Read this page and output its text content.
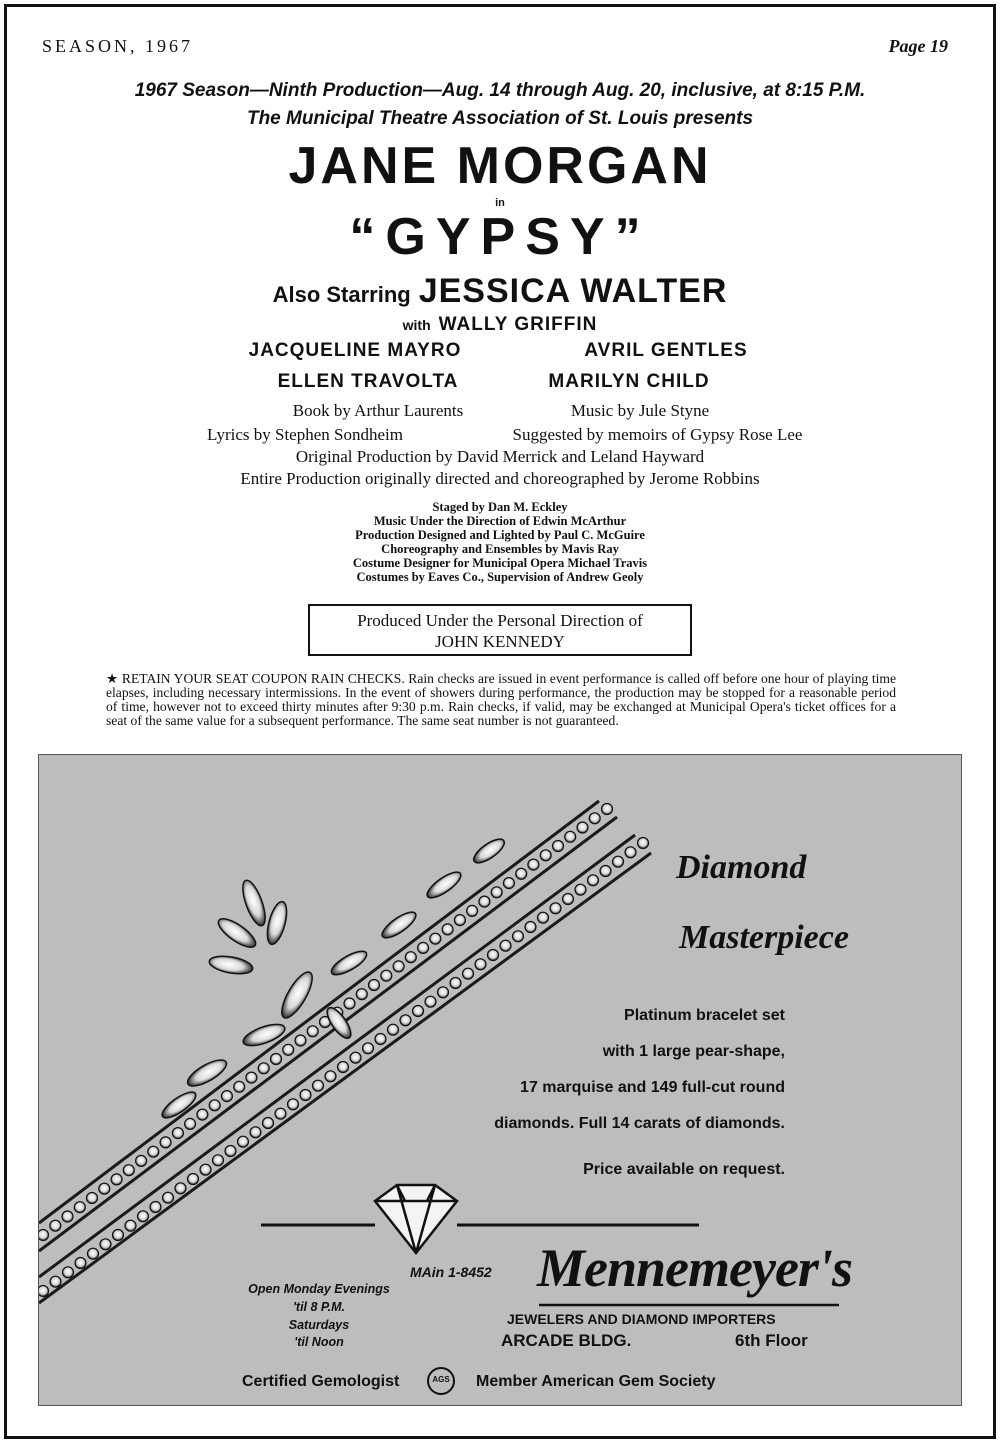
SEASON, 1967	Page 19
1967 Season—Ninth Production—Aug. 14 through Aug. 20, inclusive, at 8:15 P.M.
The Municipal Theatre Association of St. Louis presents
JANE MORGAN
in
“GYPSY”
Also Starring JESSICA WALTER
with WALLY GRIFFIN
JACQUELINE MAYRO	AVRIL GENTLES
ELLEN TRAVOLTA	MARILYN CHILD
Book by Arthur Laurents	Music by Jule Styne
Lyrics by Stephen Sondheim	Suggested by memoirs of Gypsy Rose Lee
Original Production by David Merrick and Leland Hayward
Entire Production originally directed and choreographed by Jerome Robbins
Staged by Dan M. Eckley
Music Under the Direction of Edwin McArthur
Production Designed and Lighted by Paul C. McGuire
Choreography and Ensembles by Mavis Ray
Costume Designer for Municipal Opera Michael Travis
Costumes by Eaves Co., Supervision of Andrew Geoly
Produced Under the Personal Direction of
JOHN KENNEDY
★ RETAIN YOUR SEAT COUPON RAIN CHECKS. Rain checks are issued in event performance is called off before one hour of playing time elapses, including necessary intermissions. In the event of showers during performance, the production may be stopped for a reasonable period of time, however not to exceed thirty minutes after 9:30 p.m. Rain checks, if valid, may be exchanged at Municipal Opera's ticket offices for a seat of the same value for a subsequent performance. The same seat number is not guaranteed.
Diamond
Masterpiece
Platinum bracelet set
with 1 large pear-shape,
17 marquise and 149 full-cut round
diamonds. Full 14 carats of diamonds.
Price available on request.
Open Monday Evenings
'til 8 P.M.
Saturdays
'til Noon
MAin 1-8452 Mennemeyer's
JEWELERS AND DIAMOND IMPORTERS
ARCADE BLDG.	6th Floor
Certified Gemologist	AGS Member American Gem Society
